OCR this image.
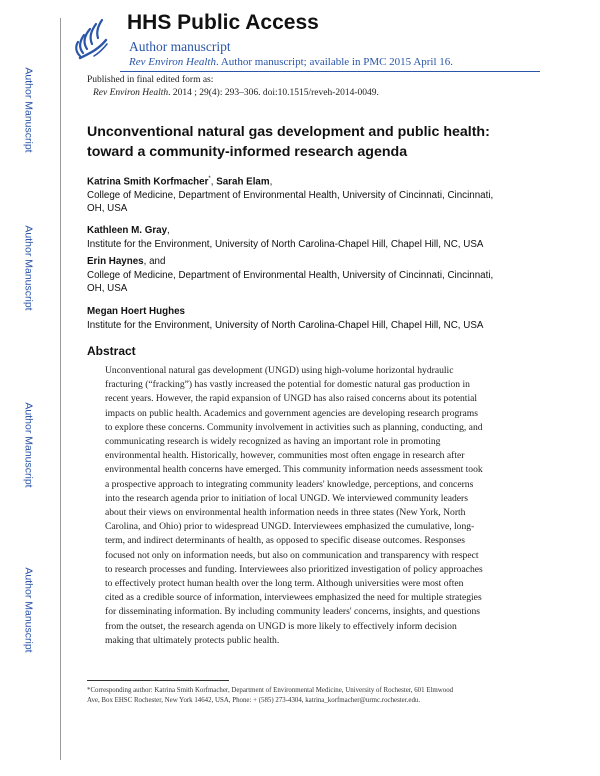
Author Manuscript
Author Manuscript
Author Manuscript
Author Manuscript
HHS Public Access
Author manuscript
Rev Environ Health. Author manuscript; available in PMC 2015 April 16.
Published in final edited form as:
Rev Environ Health. 2014 ; 29(4): 293–306. doi:10.1515/reveh-2014-0049.
Unconventional natural gas development and public health: toward a community-informed research agenda
Katrina Smith Korfmacher*, Sarah Elam,
College of Medicine, Department of Environmental Health, University of Cincinnati, Cincinnati,
OH, USA
Kathleen M. Gray,
Institute for the Environment, University of North Carolina-Chapel Hill, Chapel Hill, NC, USA
Erin Haynes, and
College of Medicine, Department of Environmental Health, University of Cincinnati, Cincinnati,
OH, USA
Megan Hoert Hughes
Institute for the Environment, University of North Carolina-Chapel Hill, Chapel Hill, NC, USA
Abstract
Unconventional natural gas development (UNGD) using high-volume horizontal hydraulic
fracturing (“fracking”) has vastly increased the potential for domestic natural gas production in
recent years. However, the rapid expansion of UNGD has also raised concerns about its potential
impacts on public health. Academics and government agencies are developing research programs
to explore these concerns. Community involvement in activities such as planning, conducting, and
communicating research is widely recognized as having an important role in promoting
environmental health. Historically, however, communities most often engage in research after
environmental health concerns have emerged. This community information needs assessment took
a prospective approach to integrating community leaders' knowledge, perceptions, and concerns
into the research agenda prior to initiation of local UNGD. We interviewed community leaders
about their views on environmental health information needs in three states (New York, North
Carolina, and Ohio) prior to widespread UNGD. Interviewees emphasized the cumulative, long-
term, and indirect determinants of health, as opposed to specific disease outcomes. Responses
focused not only on information needs, but also on communication and transparency with respect
to research processes and funding. Interviewees also prioritized investigation of policy approaches
to effectively protect human health over the long term. Although universities were most often
cited as a credible source of information, interviewees emphasized the need for multiple strategies
for disseminating information. By including community leaders' concerns, insights, and questions
from the outset, the research agenda on UNGD is more likely to effectively inform decision
making that ultimately protects public health.
*Corresponding author: Katrina Smith Korfmacher, Department of Environmental Medicine, University of Rochester, 601 Elmwood
Ave, Box EHSC Rochester, New York 14642, USA, Phone: + (585) 273-4304, katrina_korfmacher@urmc.rochester.edu.
